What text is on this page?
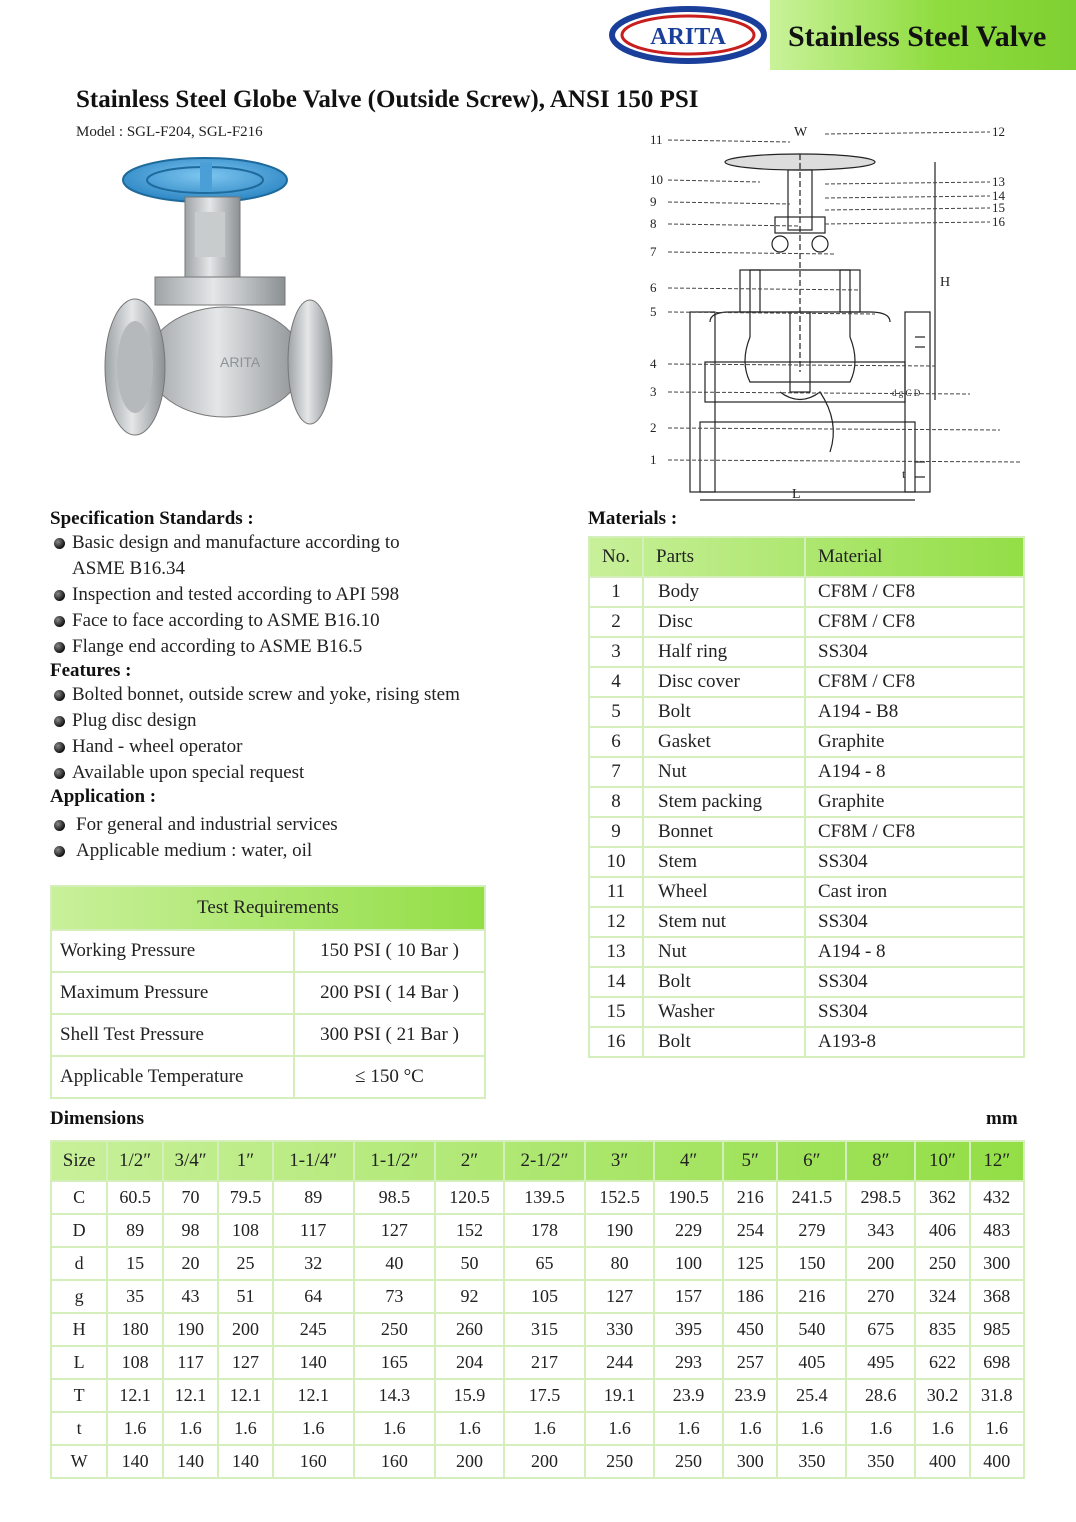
ARITA Stainless Steel Valve
Stainless Steel Globe Valve (Outside Screw), ANSI 150 PSI
Model : SGL-F204, SGL-F216
ARITA
W
H
L
t
d g C D
11
10
9
8
7
6
5
4
3
2
1
12
13
14
15
16
Specification Standards :
Basic design and manufacture according to
ASME B16.34
Inspection and tested according to API 598
Face to face according to ASME B16.10
Flange end according to ASME B16.5
Features :
Bolted bonnet, outside screw and yoke, rising stem
Plug disc design
Hand - wheel operator
Available upon special request
Application :
For general and industrial services
Applicable medium : water, oil
Test Requirements	
Working Pressure	150 PSI ( 10 Bar )
Maximum Pressure	200 PSI ( 14 Bar )
Shell Test Pressure	300 PSI ( 21 Bar )
Applicable Temperature	≤ 150 °C
Materials :
No.	Parts	Material
1	Body	CF8M / CF8
2	Disc	CF8M / CF8
3	Half ring	SS304
4	Disc cover	CF8M / CF8
5	Bolt	A194 - B8
6	Gasket	Graphite
7	Nut	A194 - 8
8	Stem packing	Graphite
9	Bonnet	CF8M / CF8
10	Stem	SS304
11	Wheel	Cast iron
12	Stem nut	SS304
13	Nut	A194 - 8
14	Bolt	SS304
15	Washer	SS304
16	Bolt	A193-8
Dimensions	mm
Size	1/2″	3/4″	1″	1-1/4″	1-1/2″	2″	2-1/2″	3″	4″	5″	6″	8″	10″	12″
C	60.5	70	79.5	89	98.5	120.5	139.5	152.5	190.5	216	241.5	298.5	362	432
D	89	98	108	117	127	152	178	190	229	254	279	343	406	483
d	15	20	25	32	40	50	65	80	100	125	150	200	250	300
g	35	43	51	64	73	92	105	127	157	186	216	270	324	368
H	180	190	200	245	250	260	315	330	395	450	540	675	835	985
L	108	117	127	140	165	204	217	244	293	257	405	495	622	698
T	12.1	12.1	12.1	12.1	14.3	15.9	17.5	19.1	23.9	23.9	25.4	28.6	30.2	31.8
t	1.6	1.6	1.6	1.6	1.6	1.6	1.6	1.6	1.6	1.6	1.6	1.6	1.6	1.6
W	140	140	140	160	160	200	200	250	250	300	350	350	400	400
